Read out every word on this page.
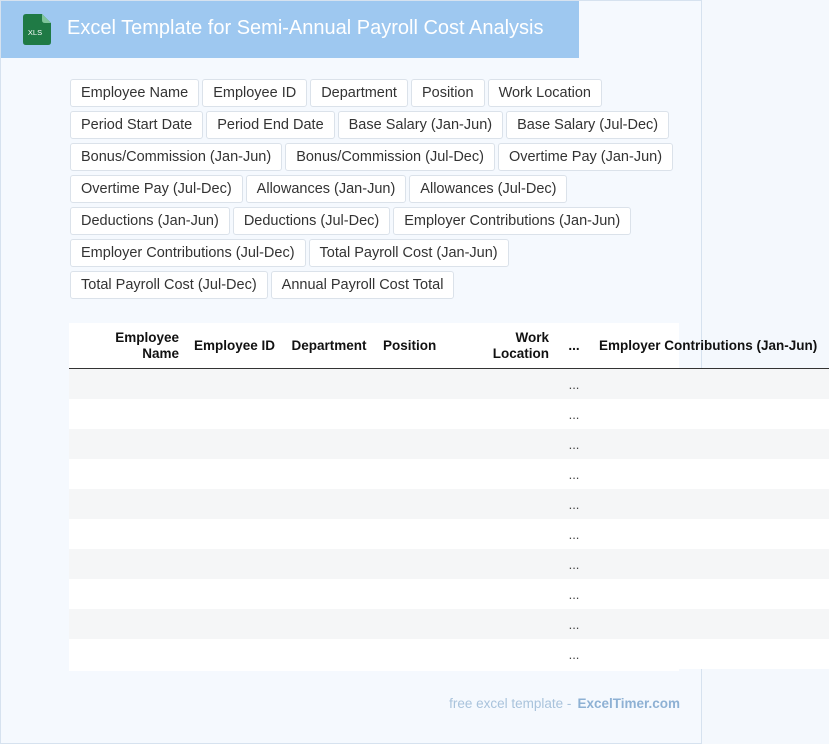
XLS Excel Template for Semi-Annual Payroll Cost Analysis
Employee Name	Employee ID	Department	Position	Work Location
Period Start Date	Period End Date	Base Salary (Jan-Jun)	Base Salary (Jul-Dec)
Bonus/Commission (Jan-Jun)	Bonus/Commission (Jul-Dec)	Overtime Pay (Jan-Jun)
Overtime Pay (Jul-Dec)	Allowances (Jan-Jun)	Allowances (Jul-Dec)
Deductions (Jan-Jun)	Deductions (Jul-Dec)	Employer Contributions (Jan-Jun)
Employer Contributions (Jul-Dec)	Total Payroll Cost (Jan-Jun)
Total Payroll Cost (Jul-Dec)	Annual Payroll Cost Total
Employee Name	Employee ID	Department	Position	Work Location	...	Employer Contributions (Jan-Jun)
					...	
					...	
					...	
					...	
					...	
					...	
					...	
					...	
					...	
					...	
free excel template - ExcelTimer.com
